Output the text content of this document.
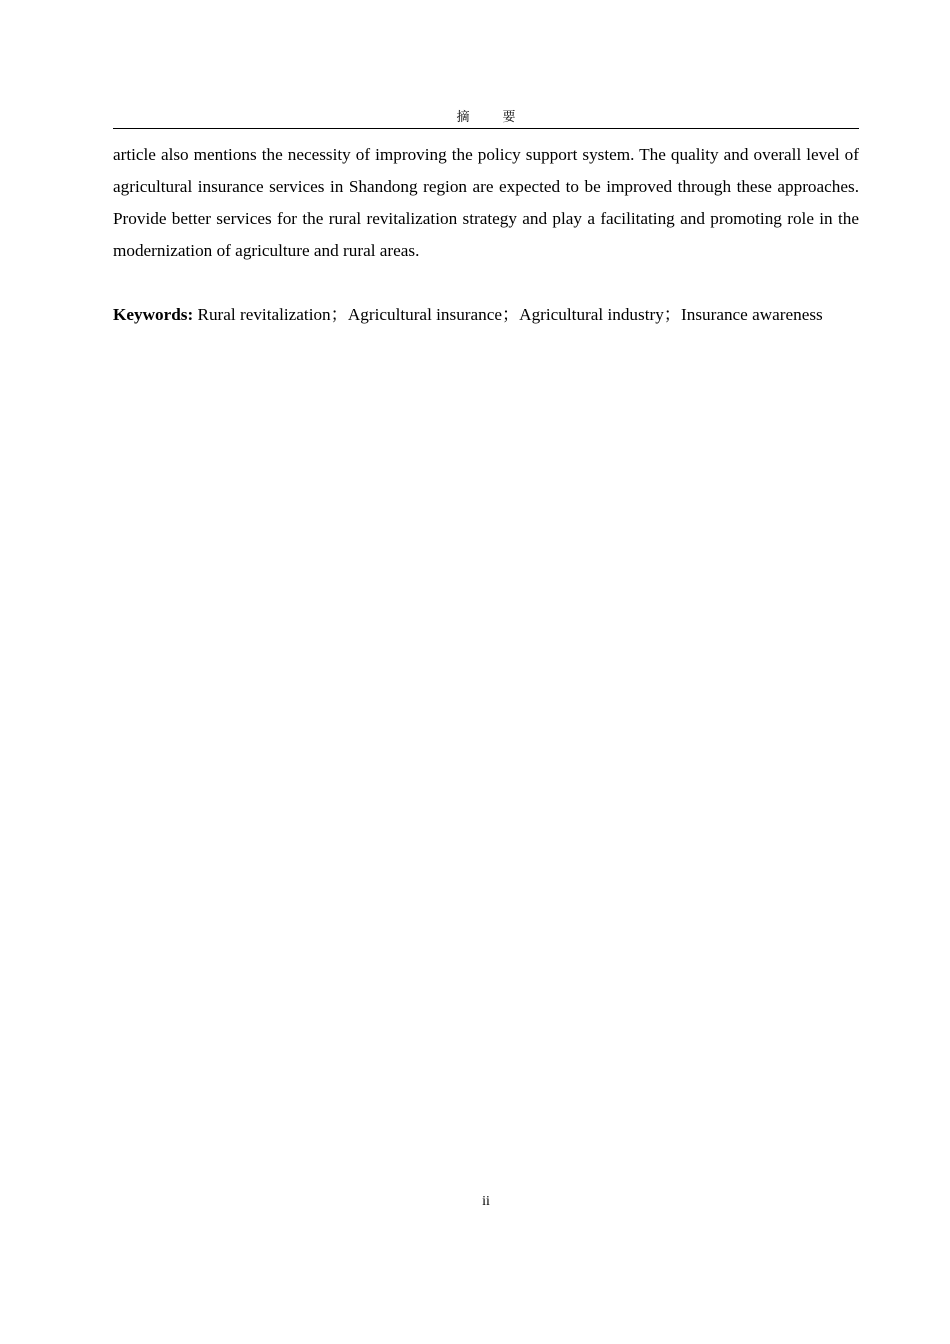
摘　要

article also mentions the necessity of improving the policy support system. The quality and overall level of agricultural insurance services in Shandong region are expected to be improved through these approaches. Provide better services for the rural revitalization strategy and play a facilitating and promoting role in the modernization of agriculture and rural areas.

Keywords: Rural revitalization；Agricultural insurance；Agricultural industry；Insurance awareness

ii
